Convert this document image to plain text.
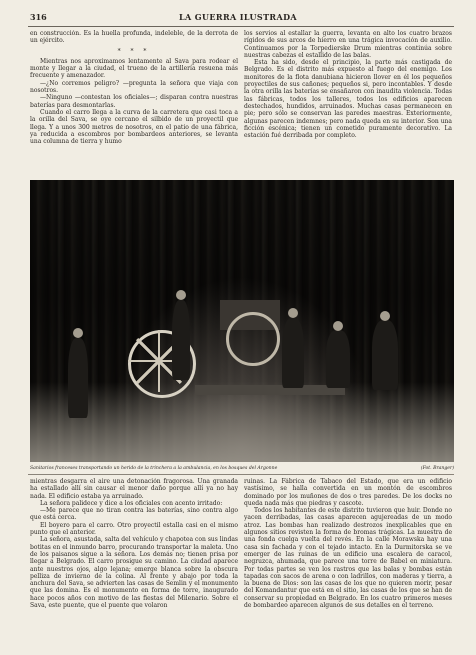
316	LA GUERRA ILUSTRADA

en construcción. Es la huella profunda, indeleble, de la derrota de un ejército.

* * *

Mientras nos aproximamos lentamente al Sava para rodear el monte y llegar a la ciudad, el trueno de la artillería resuena más frecuente y amenazador.

—¿No corremos peligro? —pregunta la señora que viaja con nosotros.

—Ninguno —contestan los oficiales—; disparan contra nuestras baterías para desmontarlas.

Cuando el carro llega a la curva de la carretera que casi toca a la orilla del Sava, se oye cercano el silbido de un proyectil que llega. Y a unos 300 metros de nosotros, en el patio de una fábrica, ya reducida a escombros por bombardeos anteriores, se levanta una columna de tierra y humo

los servios al estallar la guerra, levanta en alto los cuatro brazos rígidos de sus arcos de hierro en una trágica invocación de auxilio. Continuamos por la Torpedierske Drum mientras continúa sobre nuestras cabezas el estallido de las balas.

Esta ha sido, desde el principio, la parte más castigada de Belgrado. Es el distrito más expuesto al fuego del enemigo. Los monitores de la flota danubiana hicieron llover en él los pequeños proyectiles de sus cañones; pequeños si, pero incontables. Y desde la otra orilla las baterías se ensañaron con inaudita violencia. Todas las fábricas, todos los talleres, todos los edificios aparecen destechados, hundidos, arruinados. Muchas casas permanecen en pie; pero sólo se conservan las paredes maestras. Exteriormente, algunas parecen indemnes; pero nada queda en su interior. Son una ficción escénica; tienen un cometido puramente decorativo. La estación fué derribada por completo.

Sanitarios franceses transportando un herido de la trinchera a la ambulancia, en los bosques del Argonne	(Fot. Branger)

mientras desgarra el aire una detonación fragorosa. Una granada ha estallado allí sin causar el menor daño porque allí ya no hay nada. El edificio estaba ya arruinado.

La señora palidece y dice a los oficiales con acento irritado:

—Me parece que no tiran contra las baterías, sino contra algo que está cerca.

El boyero para el carro. Otro proyectil estalla casi en el mismo punto que el anterior.

La señora, asustada, salta del vehículo y chapotea con sus lindas botitas en el inmundo barro, procurando transportar la maleta. Uno de los paisanos sigue a la señora. Los demás no; tienen prisa por llegar a Belgrado. El carro prosigue su camino. La ciudad aparece ante nuestros ojos, algo lejana; emerge blanca sobre la obscura pelliza de invierno de la colina. Al frente y abajo por toda la anchura del Sava, se advierten las casas de Semlin y el monumento que las domina. Es el monumento en forma de torre, inaugurado hace pocos años con motivo de las fiestas del Milenario. Sobre el Sava, este puente, que el puente que volaron

ruinas. La Fábrica de Tabaco del Estado, que era un edificio vastísimo, se halla convertida en un montón de escombros dominado por los muñones de dos o tres paredes. De los docks no queda nada más que piedras y cascote.

Todos los habitantes de este distrito tuvieron que huir. Donde no yacen derribadas, las casas aparecen agujereadas de un modo atroz. Las bombas han realizado destrozos inexplicables que en algunos sitios revisten la forma de bromas trágicas. La muestra de una fonda cuelga vuelta del revés. En la calle Morawska hay una casa sin fachada y con el tejado intacto. En la Durmitorska se ve emerger de las ruinas de un edificio una escalera de caracol, negruzca, ahumada, que parece una torre de Babel en miniatura. Por todas partes se ven los rastros que las balas y bombas están tapadas con sacos de arena o con ladrillos, con maderas y tierra, a la buena de Dios: son las casas de los que no quieren morir, pesar del Komandantur que está en el sitio, las casas de los que se han de conservar su propiedad en Belgrado. En los cuatro primeros meses de bombardeo aparecen algunos de sus detalles en el terreno.
